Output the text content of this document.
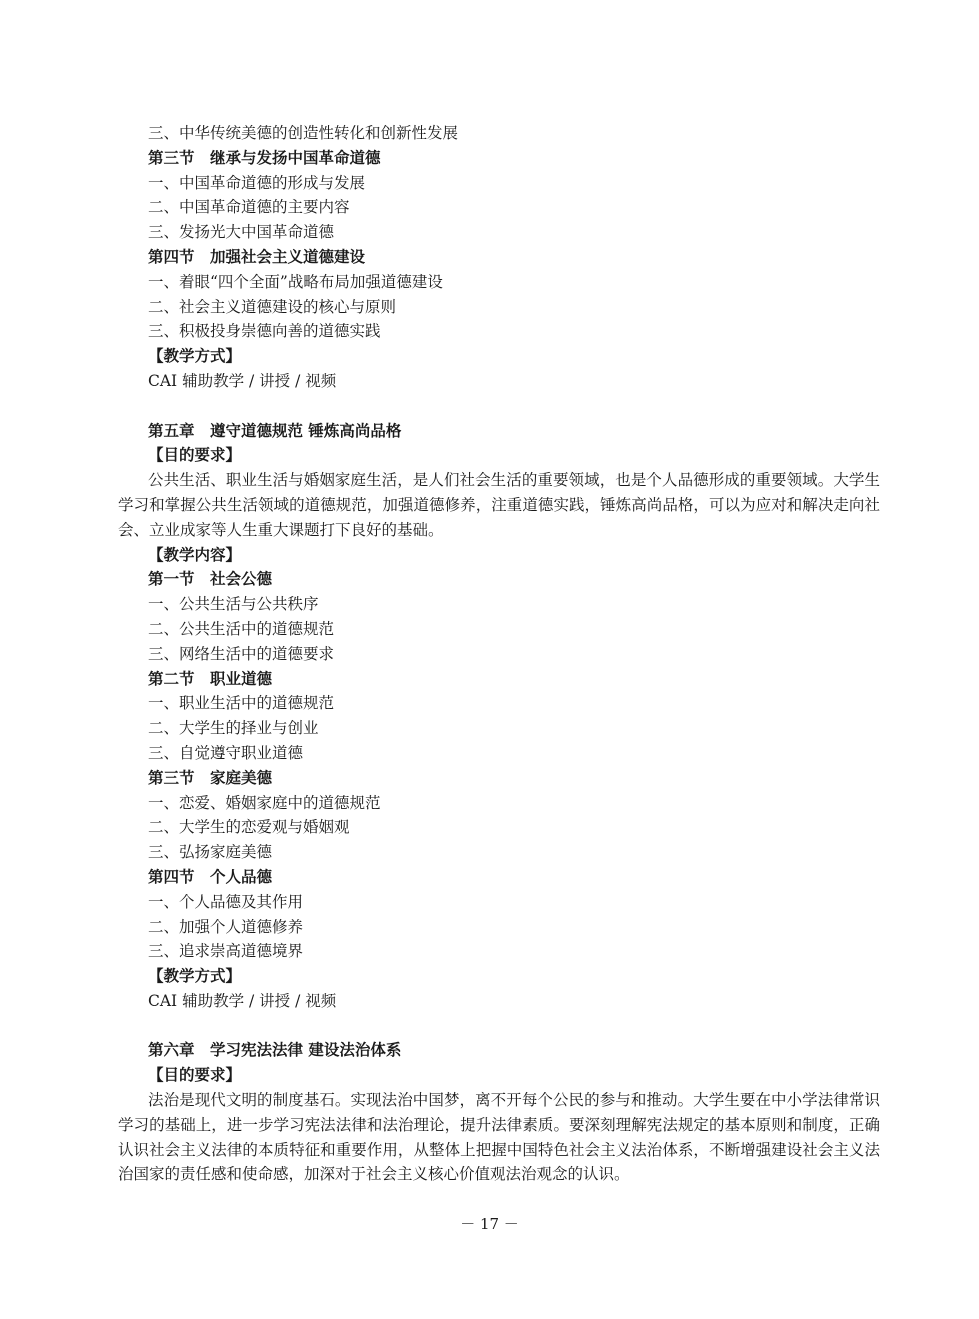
三、中华传统美德的创造性转化和创新性发展
第三节　继承与发扬中国革命道德
一、中国革命道德的形成与发展
二、中国革命道德的主要内容
三、发扬光大中国革命道德
第四节　加强社会主义道德建设
一、着眼“四个全面”战略布局加强道德建设
二、社会主义道德建设的核心与原则
三、积极投身崇德向善的道德实践
【教学方式】
CAI 辅助教学 / 讲授 / 视频
第五章　遵守道德规范 锤炼高尚品格
【目的要求】

公共生活、职业生活与婚姻家庭生活，是人们社会生活的重要领域，也是个人品德形成的重要领域。大学生学习和掌握公共生活领域的道德规范，加强道德修养，注重道德实践，锤炼高尚品格，可以为应对和解决走向社会、立业成家等人生重大课题打下良好的基础。

【教学内容】
第一节　社会公德
一、公共生活与公共秩序
二、公共生活中的道德规范
三、网络生活中的道德要求
第二节　职业道德
一、职业生活中的道德规范
二、大学生的择业与创业
三、自觉遵守职业道德
第三节　家庭美德
一、恋爱、婚姻家庭中的道德规范
二、大学生的恋爱观与婚姻观
三、弘扬家庭美德
第四节　个人品德
一、个人品德及其作用
二、加强个人道德修养
三、追求崇高道德境界
【教学方式】
CAI 辅助教学 / 讲授 / 视频
第六章　学习宪法法律 建设法治体系
【目的要求】

法治是现代文明的制度基石。实现法治中国梦，离不开每个公民的参与和推动。大学生要在中小学法律常识学习的基础上，进一步学习宪法法律和法治理论，提升法律素质。要深刻理解宪法规定的基本原则和制度，正确认识社会主义法律的本质特征和重要作用，从整体上把握中国特色社会主义法治体系，不断增强建设社会主义法治国家的责任感和使命感，加深对于社会主义核心价值观法治观念的认识。

－ 17 －
